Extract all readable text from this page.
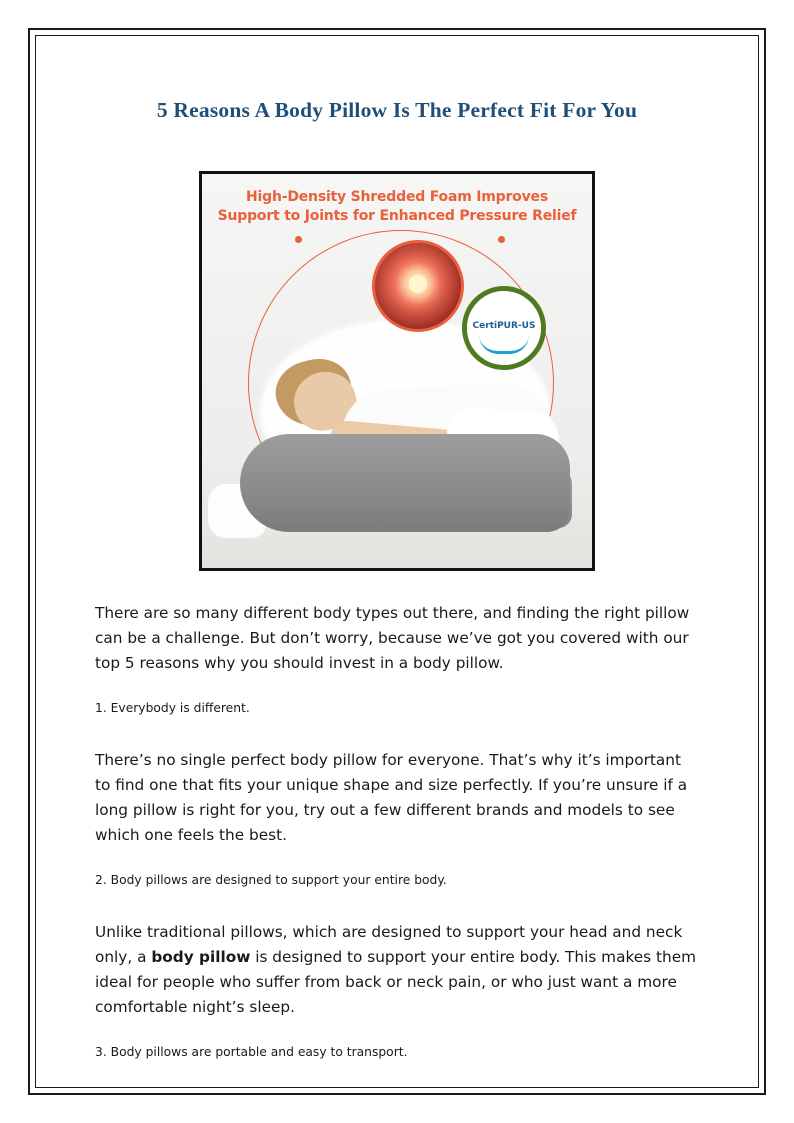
5 Reasons A Body Pillow Is The Perfect Fit For You
High-Density Shredded Foam Improves
Support to Joints for Enhanced Pressure Relief
CertiPUR-US

There are so many different body types out there, and finding the right pillow can be a challenge. But don’t worry, because we’ve got you covered with our top 5 reasons why you should invest in a body pillow.

1. Everybody is different.

There’s no single perfect body pillow for everyone. That’s why it’s important to find one that fits your unique shape and size perfectly. If you’re unsure if a long pillow is right for you, try out a few different brands and models to see which one feels the best.

2. Body pillows are designed to support your entire body.

Unlike traditional pillows, which are designed to support your head and neck only, a body pillow is designed to support your entire body. This makes them ideal for people who suffer from back or neck pain, or who just want a more comfortable night’s sleep.

3. Body pillows are portable and easy to transport.
